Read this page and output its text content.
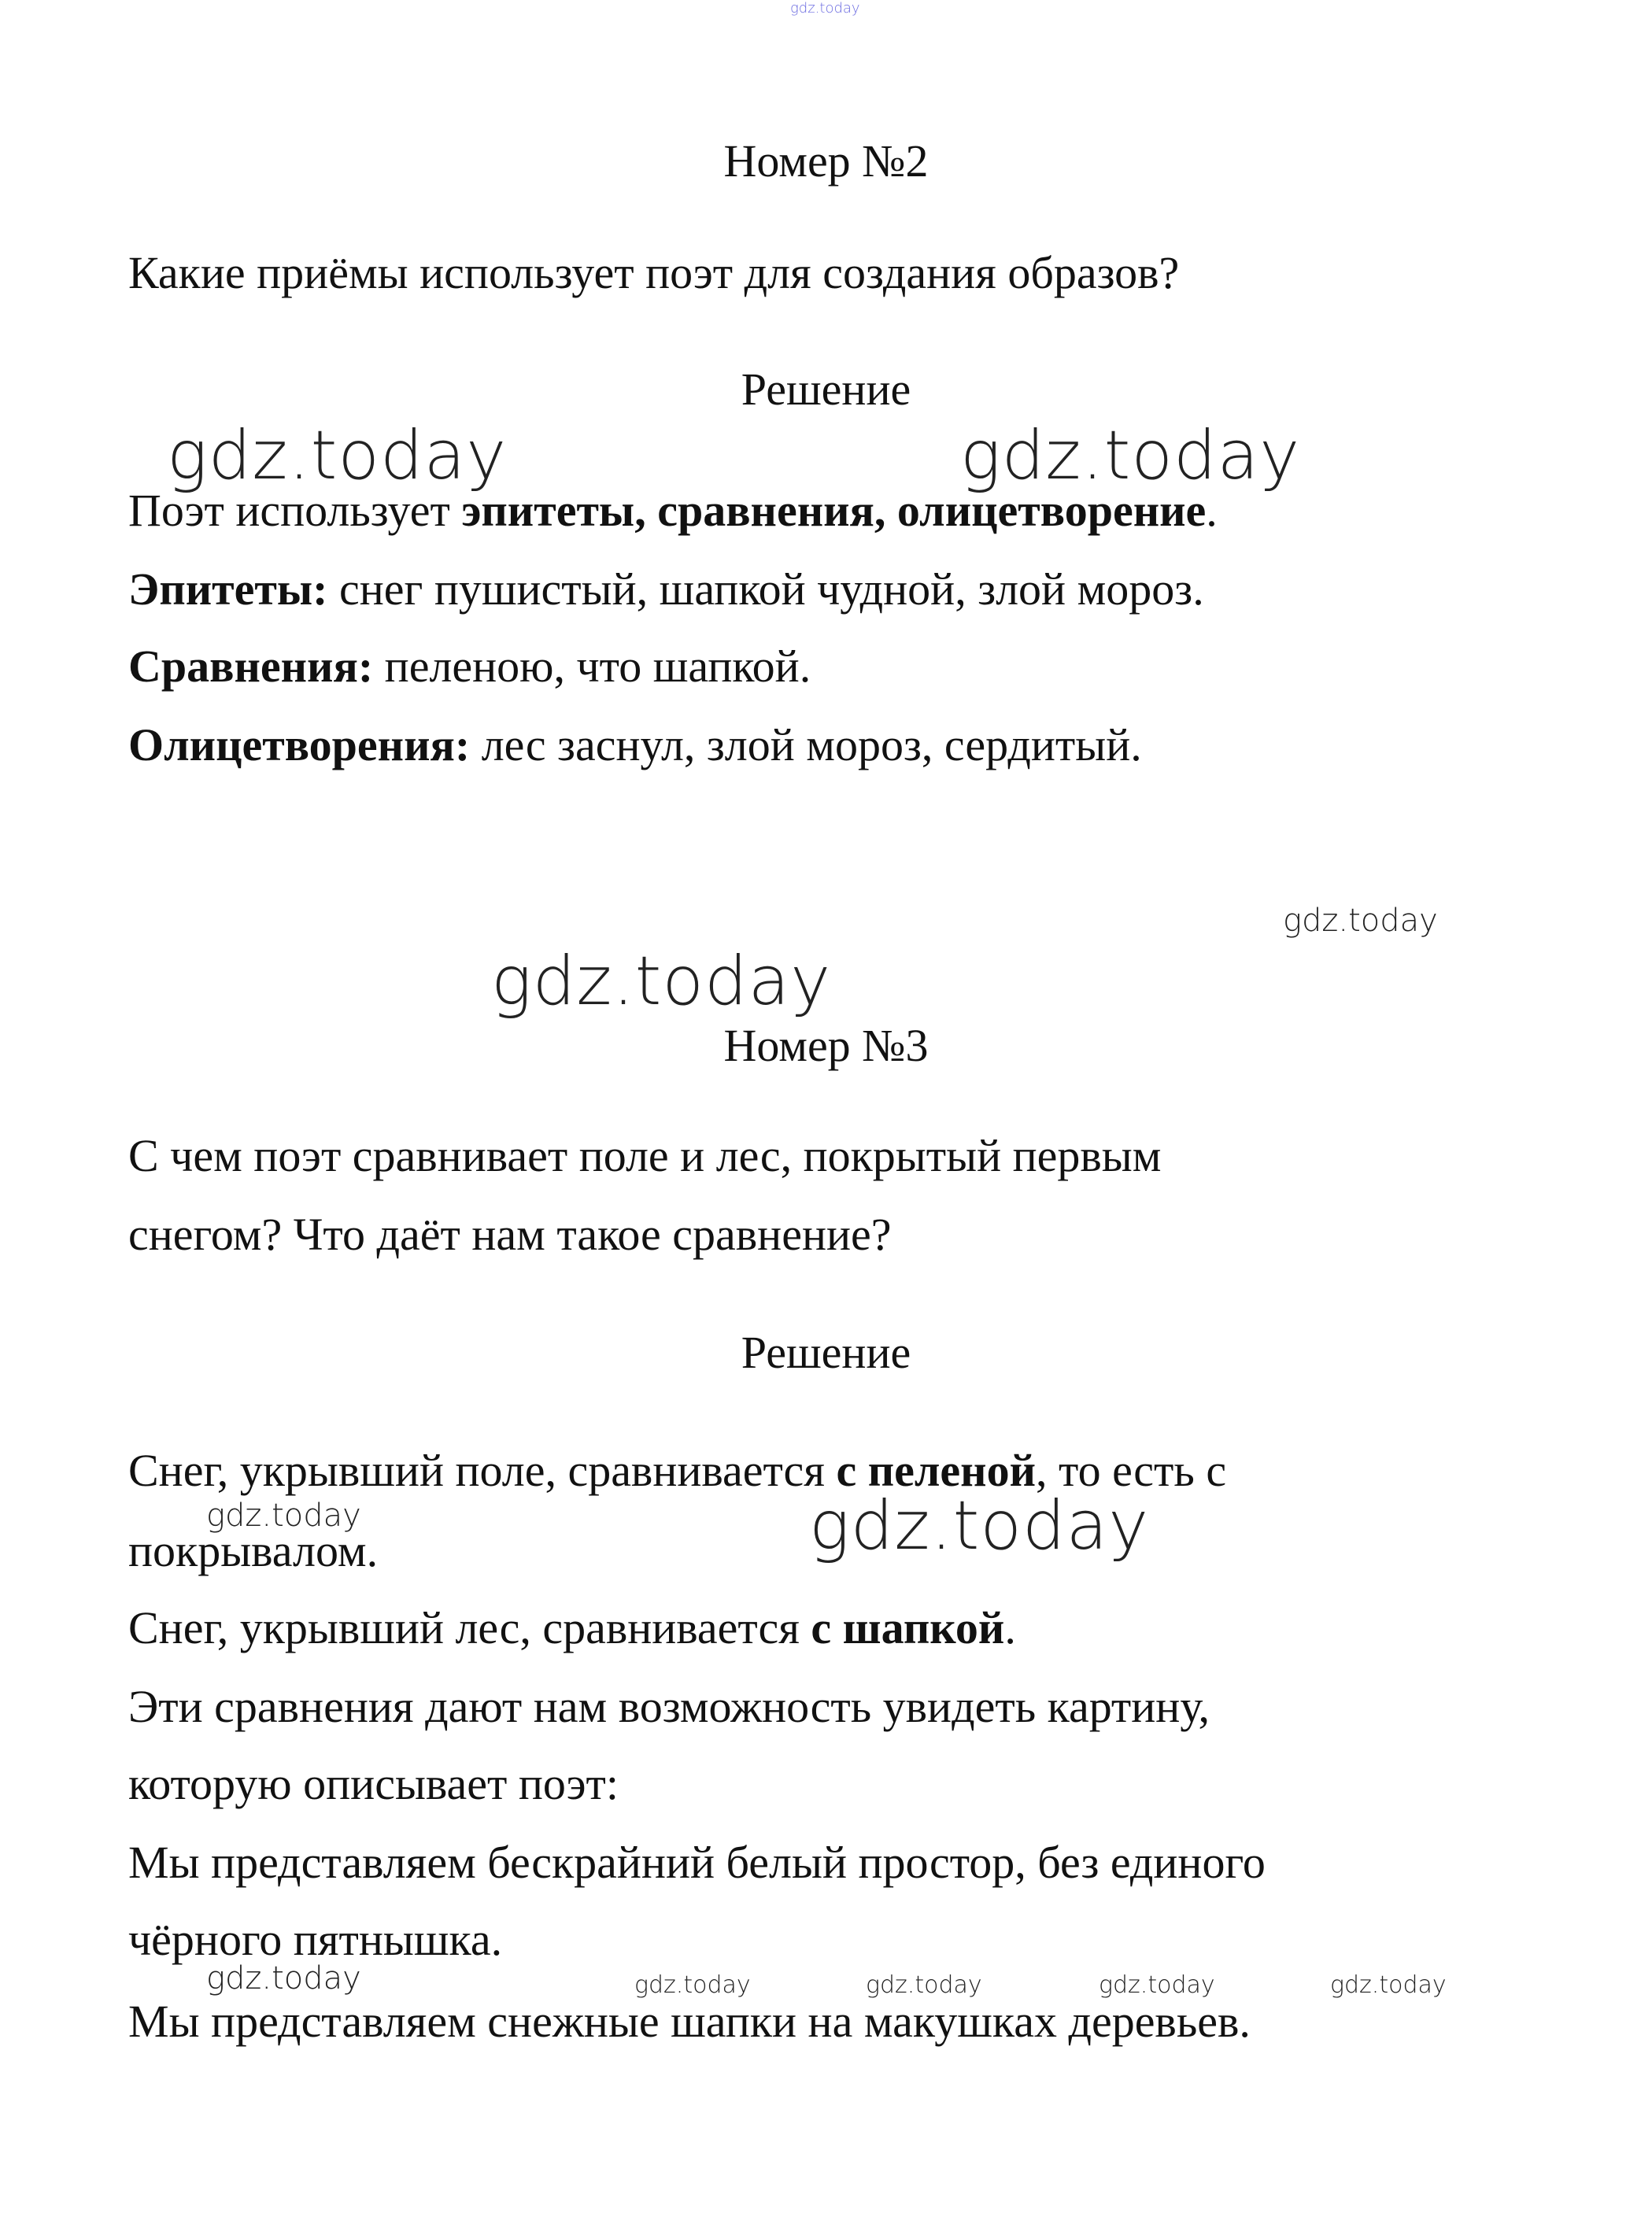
gdz.today
Номер №2
Какие приёмы использует поэт для создания образов?
Решение
gdz.today	gdz.today
Поэт использует эпитеты, сравнения, олицетворение.
Эпитеты: снег пушистый, шапкой чудной, злой мороз.
Сравнения: пеленою, что шапкой.
Олицетворения: лес заснул, злой мороз, сердитый.
gdz.today
gdz.today
Номер №3
С чем поэт сравнивает поле и лес, покрытый первым
снегом? Что даёт нам такое сравнение?
Решение
Снег, укрывший поле, сравнивается с пеленой, то есть с
gdz.today
покрывалом.	gdz.today
Снег, укрывший лес, сравнивается с шапкой.
Эти сравнения дают нам возможность увидеть картину,
которую описывает поэт:
Мы представляем бескрайний белый простор, без единого
чёрного пятнышка.
gdz.today	gdz.today	gdz.today	gdz.today	gdz.today
Мы представляем снежные шапки на макушках деревьев.
